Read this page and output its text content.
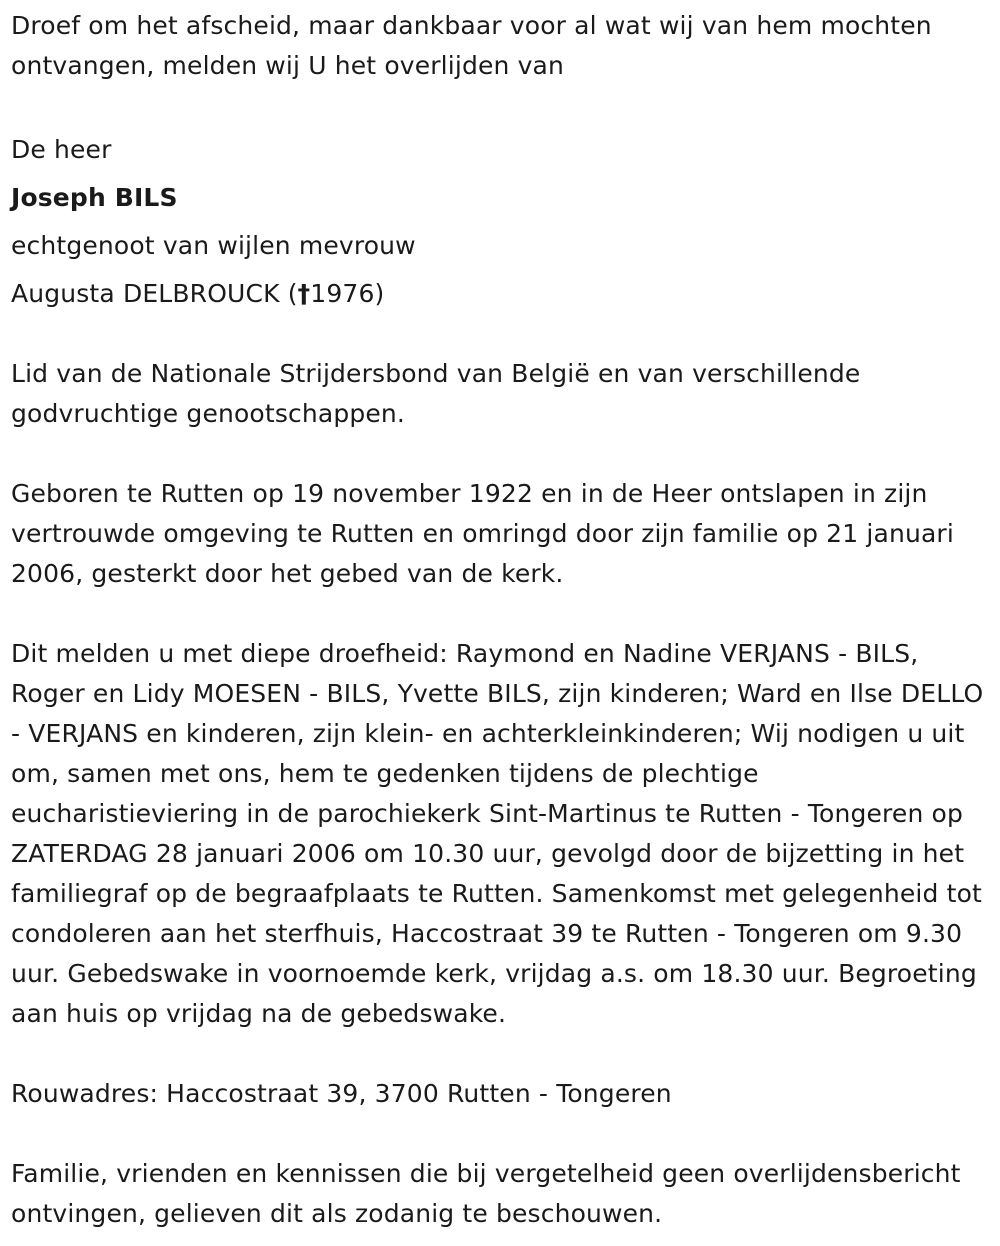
Droef om het afscheid, maar dankbaar voor al wat wij van hem mochten ontvangen, melden wij U het overlijden van

De heer

Joseph BILS

echtgenoot van wijlen mevrouw

Augusta DELBROUCK (†1976)

Lid van de Nationale Strijdersbond van België en van verschillende godvruchtige genootschappen.

Geboren te Rutten op 19 november 1922 en in de Heer ontslapen in zijn vertrouwde omgeving te Rutten en omringd door zijn familie op 21 januari 2006, gesterkt door het gebed van de kerk.

Dit melden u met diepe droefheid: Raymond en Nadine VERJANS - BILS, Roger en Lidy MOESEN - BILS, Yvette BILS, zijn kinderen; Ward en Ilse DELLO - VERJANS en kinderen, zijn klein- en achterkleinkinderen; Wij nodigen u uit om, samen met ons, hem te gedenken tijdens de plechtige eucharistieviering in de parochiekerk Sint-Martinus te Rutten - Tongeren op ZATERDAG 28 januari 2006 om 10.30 uur, gevolgd door de bijzetting in het familiegraf op de begraafplaats te Rutten. Samenkomst met gelegenheid tot condoleren aan het sterfhuis, Haccostraat 39 te Rutten - Tongeren om 9.30 uur. Gebedswake in voornoemde kerk, vrijdag a.s. om 18.30 uur. Begroeting aan huis op vrijdag na de gebedswake.

Rouwadres: Haccostraat 39, 3700 Rutten - Tongeren

Familie, vrienden en kennissen die bij vergetelheid geen overlijdensbericht ontvingen, gelieven dit als zodanig te beschouwen.
